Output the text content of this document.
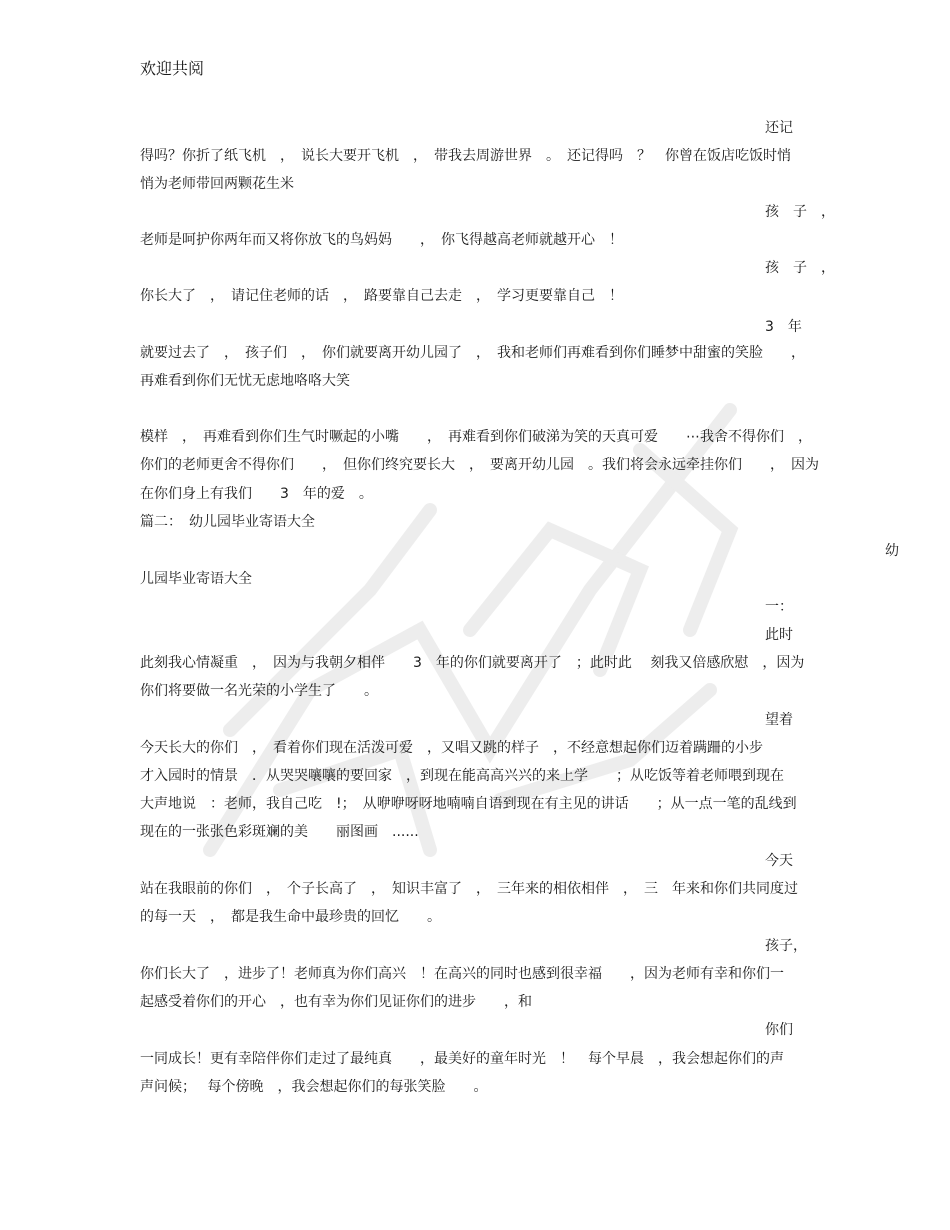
欢迎共阅
还记
得吗？你折了纸飞机　，　说长大要开飞机　，　带我去周游世界　。　还记得吗　？　你曾在饭店吃饭时悄
悄为老师带回两颗花生米
孩　子　，
老师是呵护你两年而又将你放飞的鸟妈妈　　，　你飞得越高老师就越开心　！
孩　子　，
你长大了　，　请记住老师的话　，　路要靠自己去走　，　学习更要靠自己　！
3　年
就要过去了　，　孩子们　，　你们就要离开幼儿园了　，　我和老师们再难看到你们睡梦中甜蜜的笑脸　　，
再难看到你们无忧无虑地咯咯大笑
模样　，　再难看到你们生气时噘起的小嘴　　，　再难看到你们破涕为笑的天真可爱　　⋯我舍不得你们　，
你们的老师更舍不得你们　　，　但你们终究要长大　，　要离开幼儿园　。我们将会永远牵挂你们　　，　因为
在你们身上有我们　　3　年的爱　。
篇二：　幼儿园毕业寄语大全
幼
儿园毕业寄语大全
一：
此时
此刻我心情凝重　，　因为与我朝夕相伴　　3　年的你们就要离开了　；此时此　 刻我又倍感欣慰　，因为
你们将要做一名光荣的小学生了　　。
望着
今天长大的你们　，　看着你们现在活泼可爱　，又唱又跳的样子　，不经意想起你们迈着蹒跚的小步
才入园时的情景　．从哭哭嚷嚷的要回家　，到现在能高高兴兴的来上学　　；从吃饭等着老师喂到现在
大声地说　：老师，我自己吃　!；　从咿咿呀呀地喃喃自语到现在有主见的讲话　　；从一点一笔的乱线到
现在的一张张色彩斑斓的美　　丽图画　......
今天
站在我眼前的你们　，　个子长高了　，　知识丰富了　，　三年来的相依相伴　，　三　年来和你们共同度过
的每一天　，　都是我生命中最珍贵的回忆　　。
孩子，
你们长大了　，进步了！老师真为你们高兴　！在高兴的同时也感到很幸福　　，因为老师有幸和你们一
起感受着你们的开心　，也有幸为你们见证你们的进步　　，和
你们
一同成长！更有幸陪伴你们走过了最纯真　　，最美好的童年时光　！　每个早晨　，我会想起你们的声
声问候；　 每个傍晚　，我会想起你们的每张笑脸　　。
